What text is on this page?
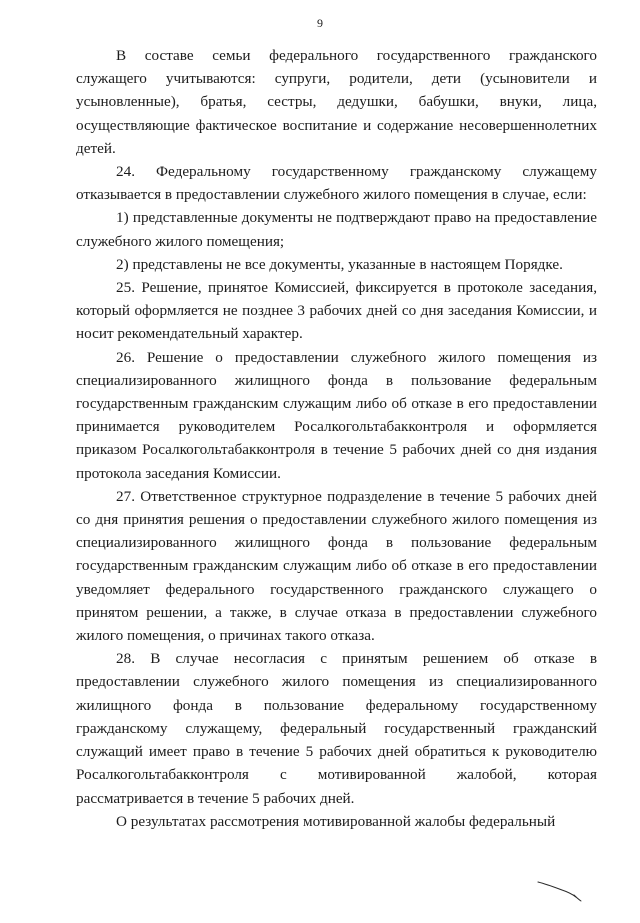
9

В составе семьи федерального государственного гражданского служащего учитываются: супруги, родители, дети (усыновители и усыновленные), братья, сестры, дедушки, бабушки, внуки, лица, осуществляющие фактическое воспитание и содержание несовершеннолетних детей.

24. Федеральному государственному гражданскому служащему отказывается в предоставлении служебного жилого помещения в случае, если:

1) представленные документы не подтверждают право на предоставление служебного жилого помещения;

2) представлены не все документы, указанные в настоящем Порядке.

25. Решение, принятое Комиссией, фиксируется в протоколе заседания, который оформляется не позднее 3 рабочих дней со дня заседания Комиссии, и носит рекомендательный характер.

26. Решение о предоставлении служебного жилого помещения из специализированного жилищного фонда в пользование федеральным государственным гражданским служащим либо об отказе в его предоставлении принимается руководителем Росалкогольтабакконтроля и оформляется приказом Росалкогольтабакконтроля в течение 5 рабочих дней со дня издания протокола заседания Комиссии.

27. Ответственное структурное подразделение в течение 5 рабочих дней со дня принятия решения о предоставлении служебного жилого помещения из специализированного жилищного фонда в пользование федеральным государственным гражданским служащим либо об отказе в его предоставлении уведомляет федерального государственного гражданского служащего о принятом решении, а также, в случае отказа в предоставлении служебного жилого помещения, о причинах такого отказа.

28. В случае несогласия с принятым решением об отказе в предоставлении служебного жилого помещения из специализированного жилищного фонда в пользование федеральному государственному гражданскому служащему, федеральный государственный гражданский служащий имеет право в течение 5 рабочих дней обратиться к руководителю Росалкогольтабакконтроля с мотивированной жалобой, которая рассматривается в течение 5 рабочих дней.

О результатах рассмотрения мотивированной жалобы федеральный
